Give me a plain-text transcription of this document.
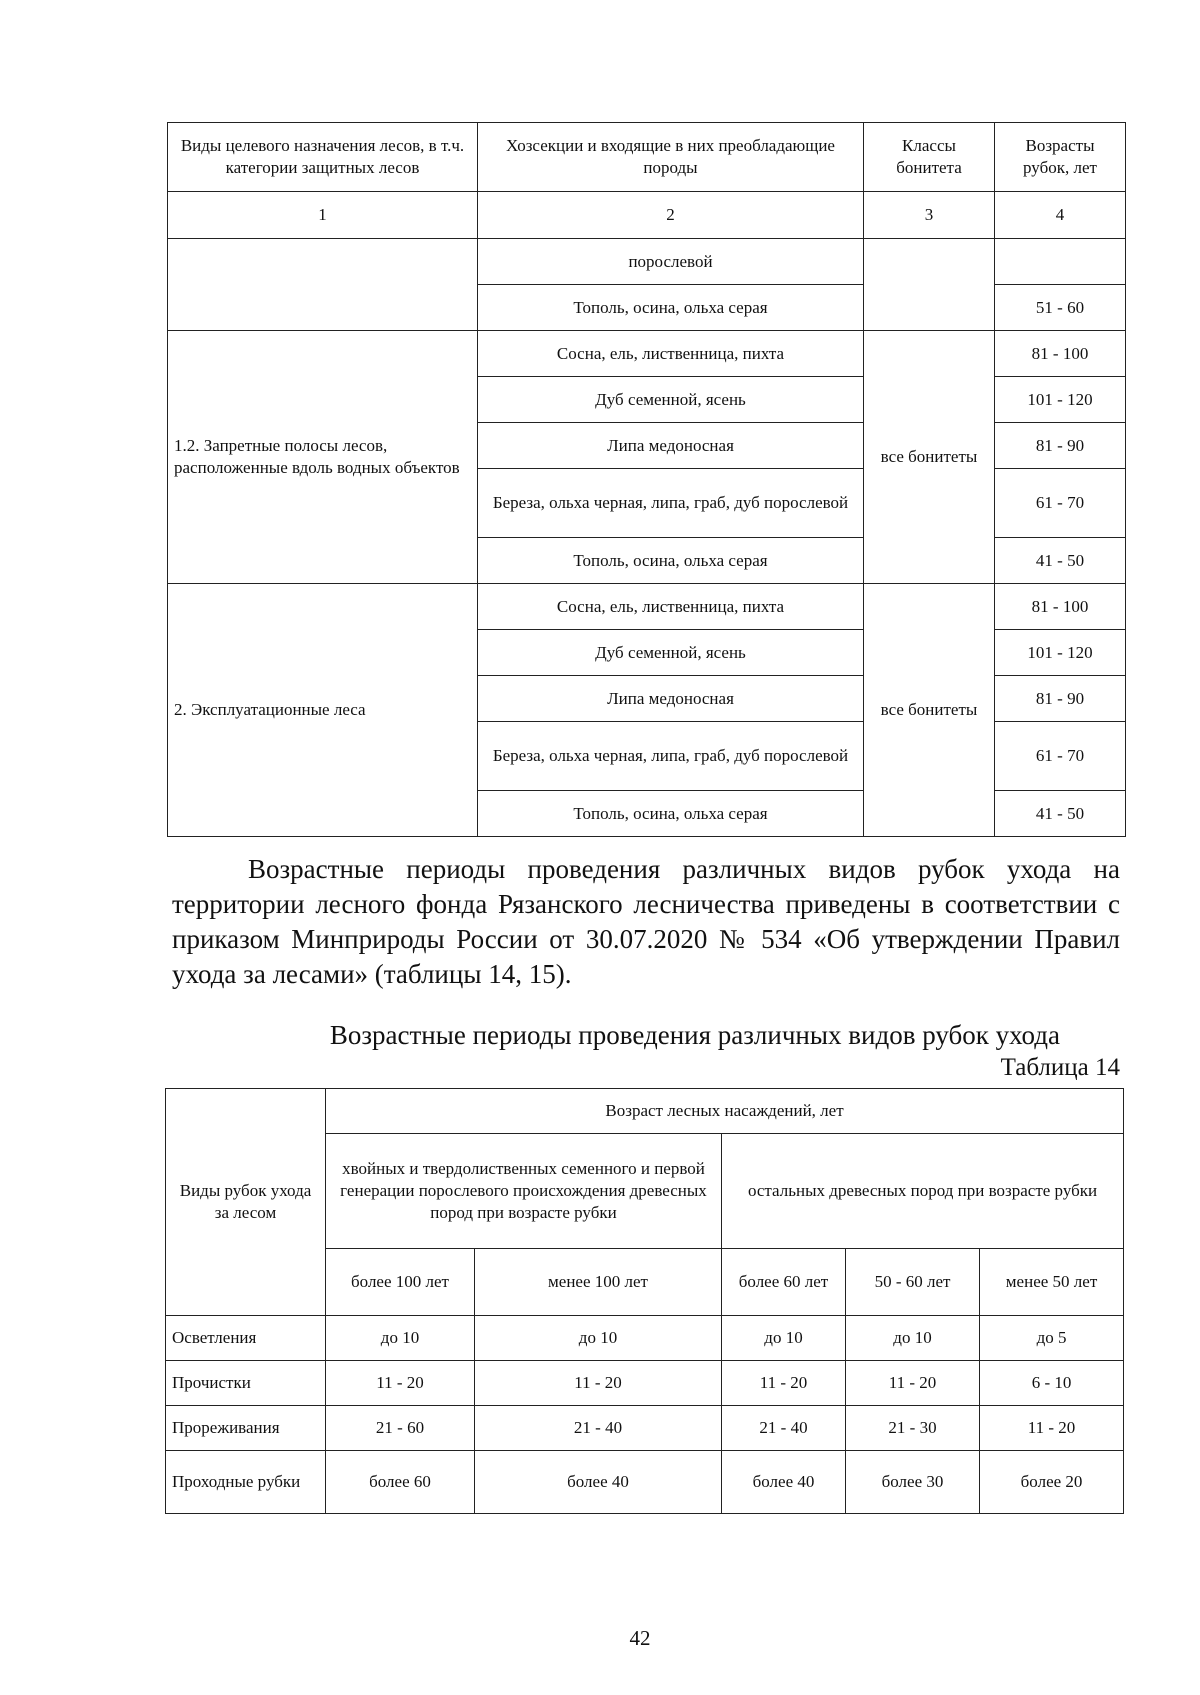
Виды целевого назначения лесов, в т.ч. категории защитных лесов	Хозсекции и входящие в них преобладающие породы	Классы бонитета	Возрасты рубок, лет
1	2	3	4
	порослевой		
	Тополь, осина, ольха серая		51 - 60
1.2. Запретные полосы лесов, расположенные вдоль водных объектов	Сосна, ель, лиственница, пихта	все бонитеты	81 - 100
	Дуб семенной, ясень		101 - 120
	Липа медоносная		81 - 90
	Береза, ольха черная, липа, граб, дуб порослевой		61 - 70
	Тополь, осина, ольха серая		41 - 50
2. Эксплуатационные леса	Сосна, ель, лиственница, пихта	все бонитеты	81 - 100
	Дуб семенной, ясень		101 - 120
	Липа медоносная		81 - 90
	Береза, ольха черная, липа, граб, дуб порослевой		61 - 70
	Тополь, осина, ольха серая		41 - 50

Возрастные периоды проведения различных видов рубок ухода на территории лесного фонда Рязанского лесничества приведены в соответствии с приказом Минприроды России от 30.07.2020 № 534 «Об утверждении Правил ухода за лесами» (таблицы 14, 15).

Возрастные периоды проведения различных видов рубок ухода

Таблица 14

Виды рубок ухода за лесом	Возраст лесных насаждений, лет				
	хвойных и твердолиственных семенного и первой генерации порослевого происхождения древесных пород при возрасте рубки		остальных древесных пород при возрасте рубки		
	более 100 лет	менее 100 лет	более 60 лет	50 - 60 лет	менее 50 лет
Осветления	до 10	до 10	до 10	до 10	до 5
Прочистки	11 - 20	11 - 20	11 - 20	11 - 20	6 - 10
Прореживания	21 - 60	21 - 40	21 - 40	21 - 30	11 - 20
Проходные рубки	более 60	более 40	более 40	более 30	более 20

42
